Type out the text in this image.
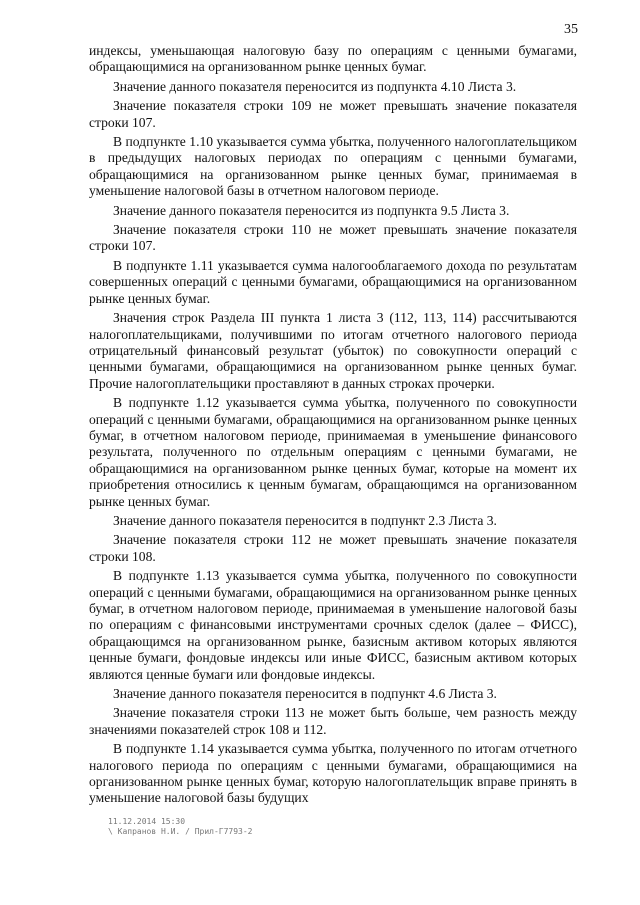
35

индексы, уменьшающая налоговую базу по операциям с ценными бумагами, обращающимися на организованном рынке ценных бумаг.

Значение данного показателя переносится из подпункта 4.10 Листа 3.

Значение показателя строки 109 не может превышать значение показателя строки 107.

В подпункте 1.10 указывается сумма убытка, полученного налогоплательщиком в предыдущих налоговых периодах по операциям с ценными бумагами, обращающимися на организованном рынке ценных бумаг, принимаемая в уменьшение налоговой базы в отчетном налоговом периоде.

Значение данного показателя переносится из подпункта 9.5 Листа 3.

Значение показателя строки 110 не может превышать значение показателя строки 107.

В подпункте 1.11 указывается сумма налогооблагаемого дохода по результатам совершенных операций с ценными бумагами, обращающимися на организованном рынке ценных бумаг.

Значения строк Раздела III пункта 1 листа 3 (112, 113, 114) рассчитываются налогоплательщиками, получившими по итогам отчетного налогового периода отрицательный финансовый результат (убыток) по совокупности операций с ценными бумагами, обращающимися на организованном рынке ценных бумаг. Прочие налогоплательщики проставляют в данных строках прочерки.

В подпункте 1.12 указывается сумма убытка, полученного по совокупности операций с ценными бумагами, обращающимися на организованном рынке ценных бумаг, в отчетном налоговом периоде, принимаемая в уменьшение финансового результата, полученного по отдельным операциям с ценными бумагами, не обращающимися на организованном рынке ценных бумаг, которые на момент их приобретения относились к ценным бумагам, обращающимся на организованном рынке ценных бумаг.

Значение данного показателя переносится в подпункт 2.3 Листа 3.

Значение показателя строки 112 не может превышать значение показателя строки 108.

В подпункте 1.13 указывается сумма убытка, полученного по совокупности операций с ценными бумагами, обращающимися на организованном рынке ценных бумаг, в отчетном налоговом периоде, принимаемая в уменьшение налоговой базы по операциям с финансовыми инструментами срочных сделок (далее – ФИСС), обращающимся на организованном рынке, базисным активом которых являются ценные бумаги, фондовые индексы или иные ФИСС, базисным активом которых являются ценные бумаги или фондовые индексы.

Значение данного показателя переносится в подпункт 4.6 Листа 3.

Значение показателя строки 113 не может быть больше, чем разность между значениями показателей строк 108 и 112.

В подпункте 1.14 указывается сумма убытка, полученного по итогам отчетного налогового периода по операциям с ценными бумагами, обращающимися на организованном рынке ценных бумаг, которую налогоплательщик вправе принять в уменьшение налоговой базы будущих

11.12.2014 15:30
\ Капранов Н.И. / Прил-Г7793-2
